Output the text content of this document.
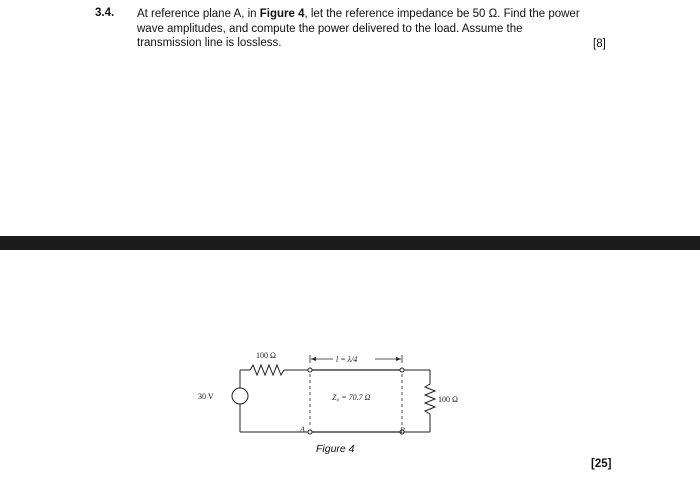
3.4. At reference plane A, in Figure 4, let the reference impedance be 50 Ω. Find the power wave amplitudes, and compute the power delivered to the load. Assume the transmission line is lossless.	[8]
30 V
100 Ω	l = λ/4
Z₀ = 70.7 Ω	100 Ω
A	B
Figure 4
[25]
